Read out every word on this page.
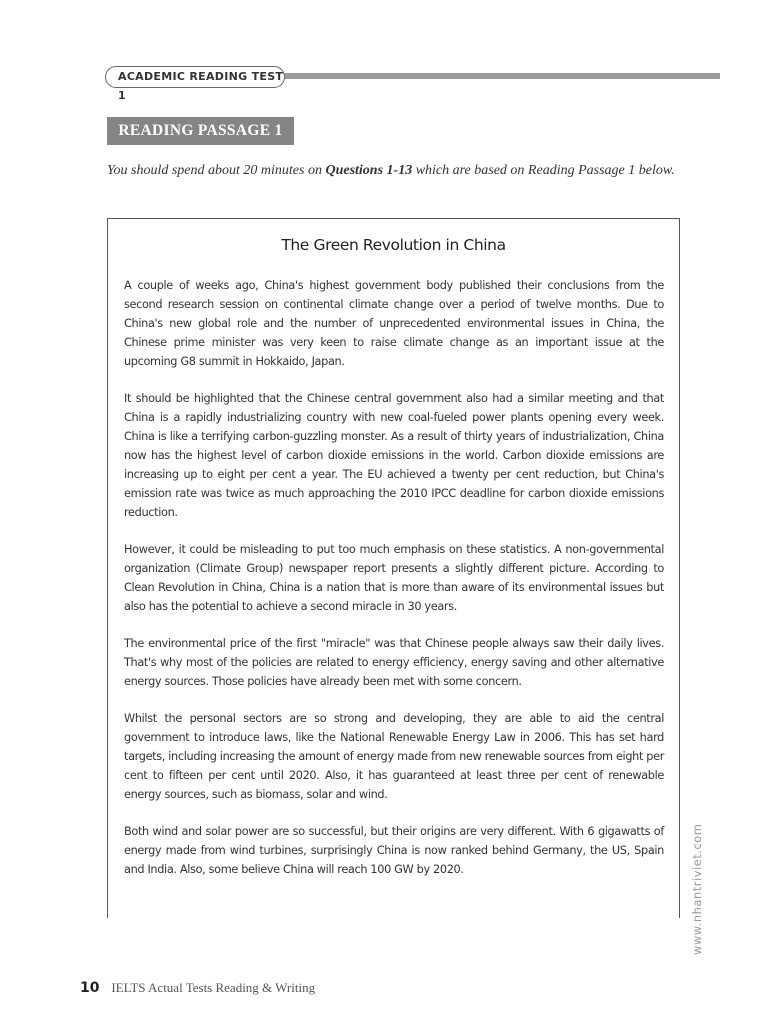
ACADEMIC READING TEST 1
READING PASSAGE 1
You should spend about 20 minutes on Questions 1-13 which are based on Reading Passage 1 below.
The Green Revolution in China

A couple of weeks ago, China's highest government body published their conclusions from the second research session on continental climate change over a period of twelve months. Due to China's new global role and the number of unprecedented environmental issues in China, the Chinese prime minister was very keen to raise climate change as an important issue at the upcoming G8 summit in Hokkaido, Japan.

It should be highlighted that the Chinese central government also had a similar meeting and that China is a rapidly industrializing country with new coal-fueled power plants opening every week. China is like a terrifying carbon-guzzling monster. As a result of thirty years of industrialization, China now has the highest level of carbon dioxide emissions in the world. Carbon dioxide emissions are increasing up to eight per cent a year. The EU achieved a twenty per cent reduction, but China's emission rate was twice as much approaching the 2010 IPCC deadline for carbon dioxide emissions reduction.

However, it could be misleading to put too much emphasis on these statistics. A non-governmental organization (Climate Group) newspaper report presents a slightly different picture. According to Clean Revolution in China, China is a nation that is more than aware of its environmental issues but also has the potential to achieve a second miracle in 30 years.

The environmental price of the first "miracle" was that Chinese people always saw their daily lives. That's why most of the policies are related to energy efficiency, energy saving and other alternative energy sources. Those policies have already been met with some concern.

Whilst the personal sectors are so strong and developing, they are able to aid the central government to introduce laws, like the National Renewable Energy Law in 2006. This has set hard targets, including increasing the amount of energy made from new renewable sources from eight per cent to fifteen per cent until 2020. Also, it has guaranteed at least three per cent of renewable energy sources, such as biomass, solar and wind.

Both wind and solar power are so successful, but their origins are very different. With 6 gigawatts of energy made from wind turbines, surprisingly China is now ranked behind Germany, the US, Spain and India. Also, some believe China will reach 100 GW by 2020.	www.nhantriviet.com
10 IELTS Actual Tests Reading & Writing
